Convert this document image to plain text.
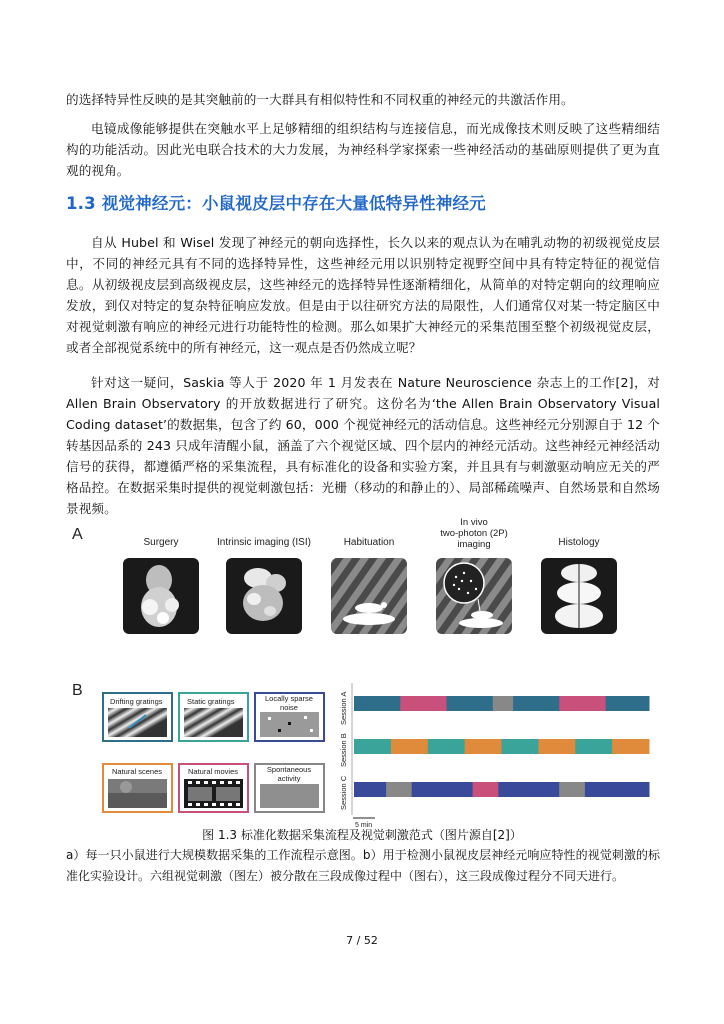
的选择特异性反映的是其突触前的一大群具有相似特性和不同权重的神经元的共激活作用。

电镜成像能够提供在突触水平上足够精细的组织结构与连接信息，而光成像技术则反映了这些精细结构的功能活动。因此光电联合技术的大力发展，为神经科学家探索一些神经活动的基础原则提供了更为直观的视角。

1.3 视觉神经元：小鼠视皮层中存在大量低特异性神经元

自从 Hubel 和 Wisel 发现了神经元的朝向选择性，长久以来的观点认为在哺乳动物的初级视觉皮层中，不同的神经元具有不同的选择特异性，这些神经元用以识别特定视野空间中具有特定特征的视觉信息。从初级视皮层到高级视皮层，这些神经元的选择特异性逐渐精细化，从简单的对特定朝向的纹理响应发放，到仅对特定的复杂特征响应发放。但是由于以往研究方法的局限性，人们通常仅对某一特定脑区中对视觉刺激有响应的神经元进行功能特性的检测。那么如果扩大神经元的采集范围至整个初级视觉皮层，或者全部视觉系统中的所有神经元，这一观点是否仍然成立呢？

针对这一疑问，Saskia 等人于 2020 年 1 月发表在 Nature Neuroscience 杂志上的工作[2]，对 Allen Brain Observatory 的开放数据进行了研究。这份名为‘the Allen Brain Observatory Visual Coding dataset’的数据集，包含了约 60，000 个视觉神经元的活动信息。这些神经元分别源自于 12 个转基因品系的 243 只成年清醒小鼠，涵盖了六个视觉区域、四个层内的神经元活动。这些神经元神经活动信号的获得，都遵循严格的采集流程，具有标准化的设备和实验方案，并且具有与刺激驱动响应无关的严格品控。在数据采集时提供的视觉刺激包括：光栅（移动的和静止的）、局部稀疏噪声、自然场景和自然场景视频。

A	Surgery	Intrinsic imaging (ISI)	Habituation
In vivo
two-photon (2P)
imaging	Histology
B
Drifting gratings	Static gratings	Locally sparse
noise
Natural scenes	Natural movies	Spontaneous
activity
Session A
Session B
Session C
5 min

图 1.3 标准化数据采集流程及视觉刺激范式（图片源自[2]）

a）每一只小鼠进行大规模数据采集的工作流程示意图。b）用于检测小鼠视皮层神经元响应特性的视觉刺激的标准化实验设计。六组视觉刺激（图左）被分散在三段成像过程中（图右），这三段成像过程分不同天进行。

7 / 52
